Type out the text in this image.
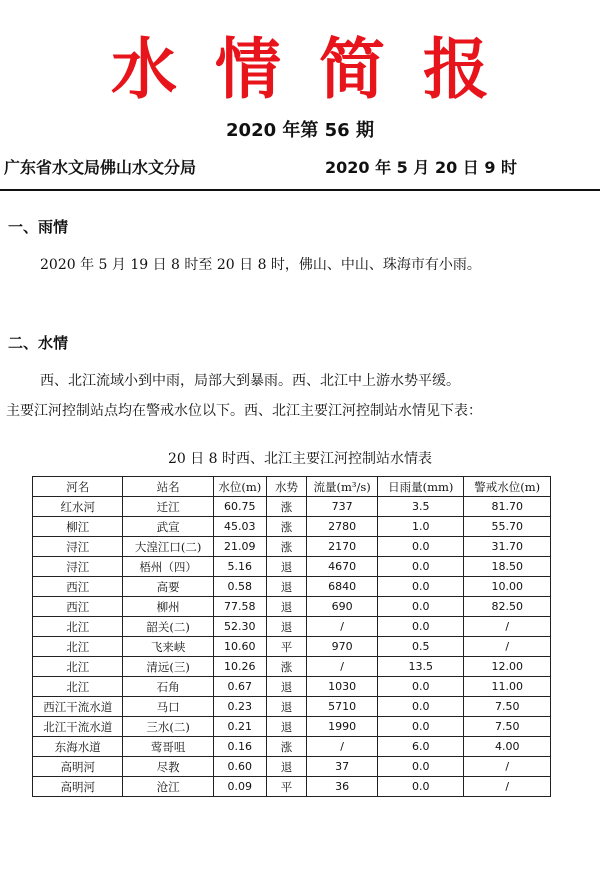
水情简报
2020 年第 56 期
广东省水文局佛山水文分局	2020 年 5 月 20 日 9 时
一、雨情
2020 年 5 月 19 日 8 时至 20 日 8 时，佛山、中山、珠海市有小雨。
二、水情
西、北江流域小到中雨，局部大到暴雨。西、北江中上游水势平缓。
主要江河控制站点均在警戒水位以下。西、北江主要江河控制站水情见下表：
20 日 8 时西、北江主要江河控制站水情表
河名	站名	水位(m)	水势	流量(m³/s)	日雨量(mm)	警戒水位(m)
红水河	迁江	60.75	涨	737	3.5	81.70
柳江	武宣	45.03	涨	2780	1.0	55.70
浔江	大湟江口(二)	21.09	涨	2170	0.0	31.70
浔江	梧州（四）	5.16	退	4670	0.0	18.50
西江	高要	0.58	退	6840	0.0	10.00
西江	柳州	77.58	退	690	0.0	82.50
北江	韶关(二)	52.30	退	/	0.0	/
北江	飞来峡	10.60	平	970	0.5	/
北江	清远(三)	10.26	涨	/	13.5	12.00
北江	石角	0.67	退	1030	0.0	11.00
西江干流水道	马口	0.23	退	5710	0.0	7.50
北江干流水道	三水(二)	0.21	退	1990	0.0	7.50
东海水道	莺哥咀	0.16	涨	/	6.0	4.00
高明河	尽教	0.60	退	37	0.0	/
高明河	沧江	0.09	平	36	0.0	/
